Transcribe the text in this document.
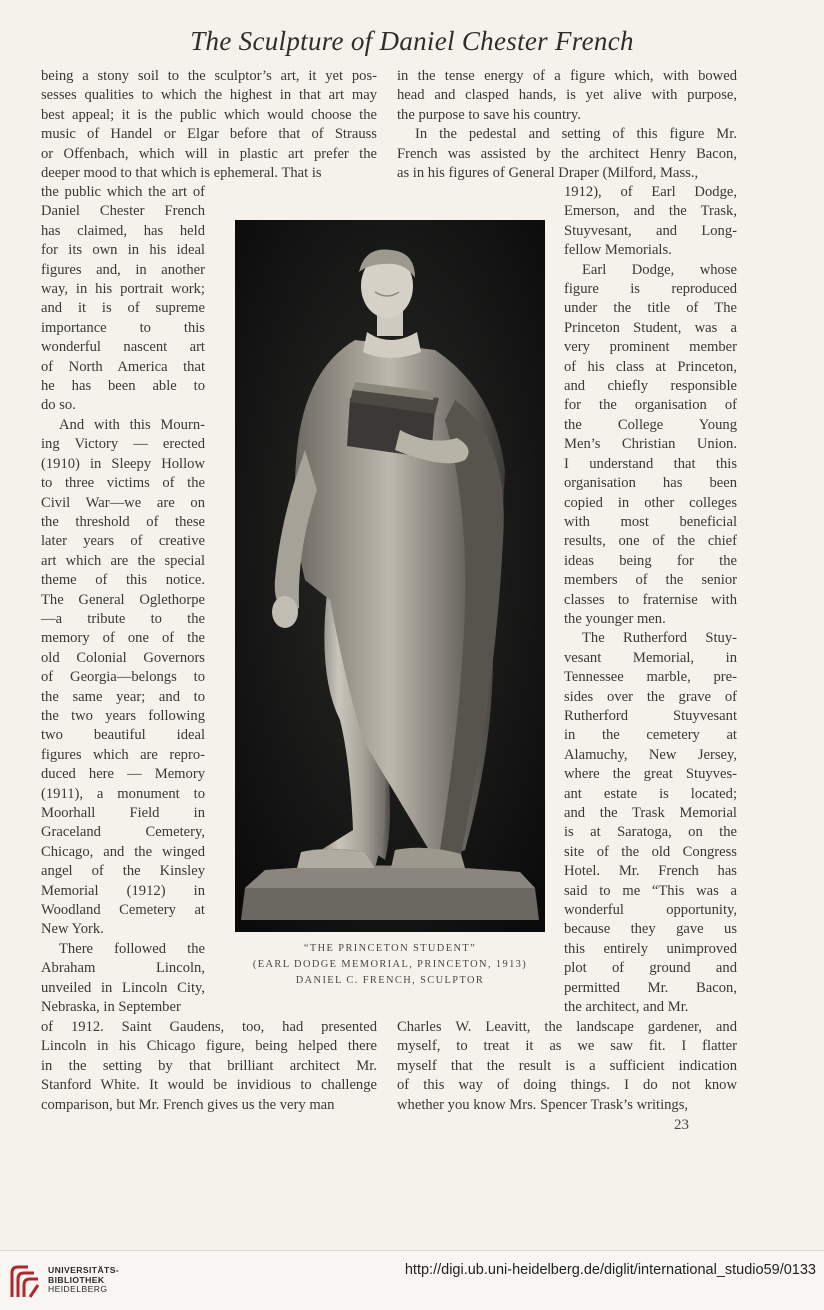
The Sculpture of Daniel Chester French

being a stony soil to the sculptor’s art, it yet pos-

sesses qualities to which the highest in that art may

best appeal; it is the public which would choose the

music of Handel or Elgar before that of Strauss

or Offenbach, which will in plastic art prefer the

deeper mood to that which is ephemeral. That is

the public which the art of

Daniel Chester French

has claimed, has held

for its own in his ideal

figures and, in another

way, in his portrait work;

and it is of supreme

importance to this

wonderful nascent art

of North America that

he has been able to

do so.

And with this Mourn-

ing Victory — erected

(1910) in Sleepy Hollow

to three victims of the

Civil War—we are on

the threshold of these

later years of creative

art which are the special

theme of this notice.

The General Oglethorpe

—a tribute to the

memory of one of the

old Colonial Governors

of Georgia—belongs to

the same year; and to

the two years following

two beautiful ideal

figures which are repro-

duced here — Memory

(1911), a monument to

Moorhall Field in

Graceland Cemetery,

Chicago, and the winged

angel of the Kinsley

Memorial (1912) in

Woodland Cemetery at

New York.

There followed the

Abraham Lincoln,

unveiled in Lincoln City,

Nebraska, in September

of 1912. Saint Gaudens, too, had presented

Lincoln in his Chicago figure, being helped there

in the setting by that brilliant architect Mr.

Stanford White. It would be invidious to challenge

comparison, but Mr. French gives us the very man

in the tense energy of a figure which, with bowed

head and clasped hands, is yet alive with purpose,

the purpose to save his country.

In the pedestal and setting of this figure Mr.

French was assisted by the architect Henry Bacon,

as in his figures of General Draper (Milford, Mass.,

1912), of Earl Dodge,

Emerson, and the Trask,

Stuyvesant, and Long-

fellow Memorials.

Earl Dodge, whose

figure is reproduced

under the title of The

Princeton Student, was a

very prominent member

of his class at Princeton,

and chiefly responsible

for the organisation of

the College Young

Men’s Christian Union.

I understand that this

organisation has been

copied in other colleges

with most beneficial

results, one of the chief

ideas being for the

members of the senior

classes to fraternise with

the younger men.

The Rutherford Stuy-

vesant Memorial, in

Tennessee marble, pre-

sides over the grave of

Rutherford Stuyvesant

in the cemetery at

Alamuchy, New Jersey,

where the great Stuyves-

ant estate is located;

and the Trask Memorial

is at Saratoga, on the

site of the old Congress

Hotel. Mr. French has

said to me “This was a

wonderful opportunity,

because they gave us

this entirely unimproved

plot of ground and

permitted Mr. Bacon,

the architect, and Mr.

Charles W. Leavitt, the landscape gardener, and

myself, to treat it as we saw fit. I flatter

myself that the result is a sufficient indication

of this way of doing things. I do not know

whether you know Mrs. Spencer Trask’s writings,

“THE PRINCETON STUDENT”
(EARL DODGE MEMORIAL, PRINCETON, 1913)
DANIEL C. FRENCH, SCULPTOR
23
UNIVERSITÄTS-
BIBLIOTHEK
HEIDELBERG
http://digi.ub.uni-heidelberg.de/diglit/international_studio59/0133
